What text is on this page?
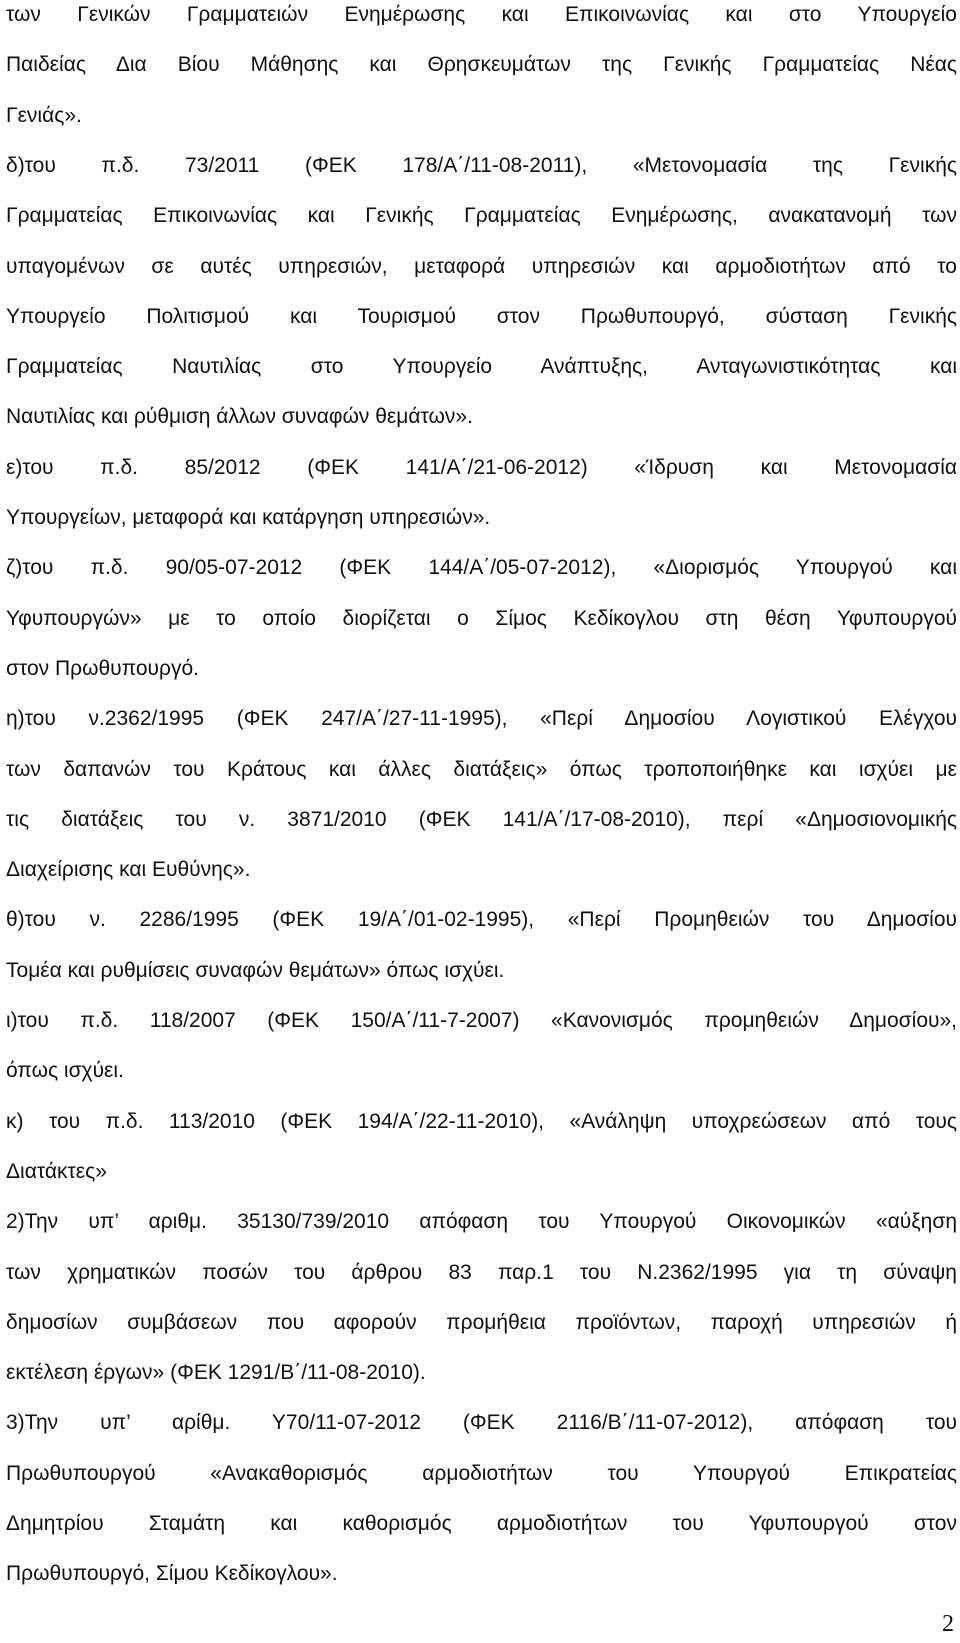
των Γενικών Γραμματειών Ενημέρωσης και Επικοινωνίας και στο Υπουργείο
Παιδείας Δια Βίου Μάθησης και Θρησκευμάτων της Γενικής Γραμματείας Νέας
Γενιάς».
δ)του π.δ. 73/2011 (ΦΕΚ 178/Α΄/11-08-2011), «Μετονομασία της Γενικής
Γραμματείας Επικοινωνίας και Γενικής Γραμματείας Ενημέρωσης, ανακατανομή των
υπαγομένων σε αυτές υπηρεσιών, μεταφορά υπηρεσιών και αρμοδιοτήτων από το
Υπουργείο Πολιτισμού και Τουρισμού στον Πρωθυπουργό, σύσταση Γενικής
Γραμματείας Ναυτιλίας στο Υπουργείο Ανάπτυξης, Ανταγωνιστικότητας και
Ναυτιλίας και ρύθμιση άλλων συναφών θεμάτων».
ε)του π.δ. 85/2012 (ΦΕΚ 141/Α΄/21-06-2012) «Ίδρυση και Μετονομασία
Υπουργείων, μεταφορά και κατάργηση υπηρεσιών».
ζ)του π.δ. 90/05-07-2012 (ΦΕΚ 144/Α΄/05-07-2012), «Διορισμός Υπουργού και
Υφυπουργών» με το οποίο διορίζεται ο Σίμος Κεδίκογλου στη θέση Υφυπουργού
στον Πρωθυπουργό.
η)του ν.2362/1995 (ΦΕΚ 247/Α΄/27-11-1995), «Περί Δημοσίου Λογιστικού Ελέγχου
των δαπανών του Κράτους και άλλες διατάξεις» όπως τροποποιήθηκε και ισχύει με
τις διατάξεις του ν. 3871/2010 (ΦΕΚ 141/Α΄/17-08-2010), περί «Δημοσιονομικής
Διαχείρισης και Ευθύνης».
θ)του ν. 2286/1995 (ΦΕΚ 19/Α΄/01-02-1995), «Περί Προμηθειών του Δημοσίου
Τομέα και ρυθμίσεις συναφών θεμάτων» όπως ισχύει.
ι)του π.δ. 118/2007 (ΦΕΚ 150/Α΄/11-7-2007) «Κανονισμός προμηθειών Δημοσίου»,
όπως ισχύει.
κ) του π.δ. 113/2010 (ΦΕΚ 194/Α΄/22-11-2010), «Ανάληψη υποχρεώσεων από τους
Διατάκτες»
2)Την υπ’ αριθμ. 35130/739/2010 απόφαση του Υπουργού Οικονομικών «αύξηση
των χρηματικών ποσών του άρθρου 83 παρ.1 του Ν.2362/1995 για τη σύναψη
δημοσίων συμβάσεων που αφορούν προμήθεια προϊόντων, παροχή υπηρεσιών ή
εκτέλεση έργων» (ΦΕΚ 1291/Β΄/11-08-2010).
3)Την υπ’ αρίθμ. Υ70/11-07-2012 (ΦΕΚ 2116/Β΄/11-07-2012), απόφαση του
Πρωθυπουργού «Ανακαθορισμός αρμοδιοτήτων του Υπουργού Επικρατείας
Δημητρίου Σταμάτη και καθορισμός αρμοδιοτήτων του Υφυπουργού στον
Πρωθυπουργό, Σίμου Κεδίκογλου».
2
